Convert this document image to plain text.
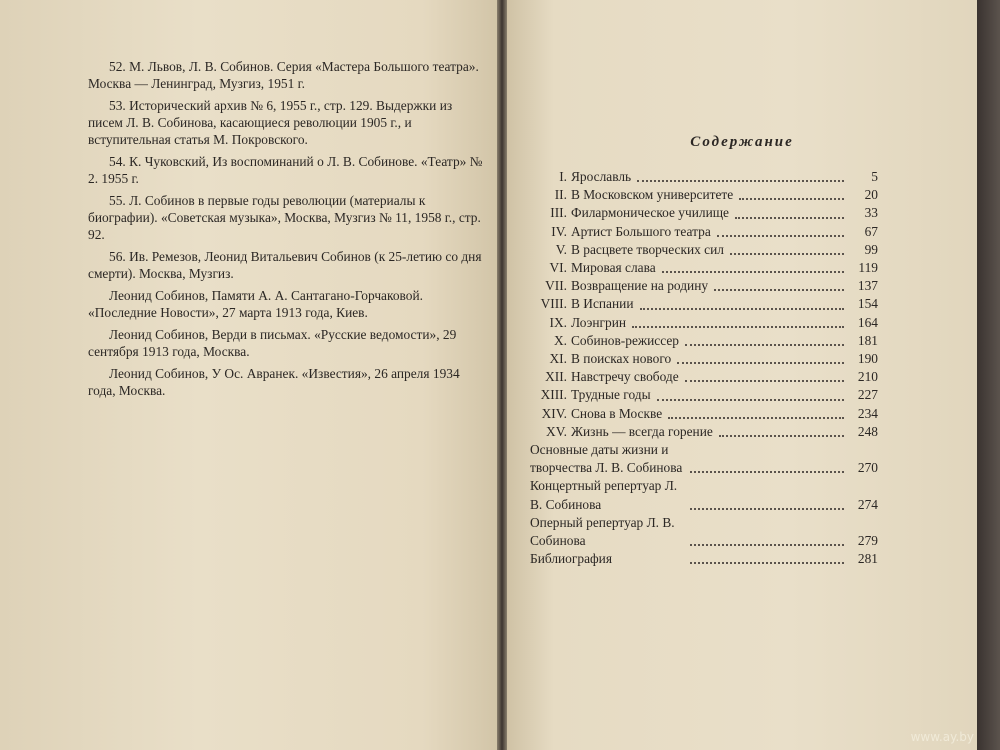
52. М. Львов, Л. В. Собинов. Серия «Мастера Большого театра». Москва — Ленинград, Музгиз, 1951 г.

53. Исторический архив № 6, 1955 г., стр. 129. Выдержки из писем Л. В. Собинова, касающиеся революции 1905 г., и вступительная статья М. Покровского.

54. К. Чуковский, Из воспоминаний о Л. В. Собинове. «Театр» № 2. 1955 г.

55. Л. Собинов в первые годы революции (материалы к биографии). «Советская музыка», Москва, Музгиз № 11, 1958 г., стр. 92.

56. Ив. Ремезов, Леонид Витальевич Собинов (к 25-летию со дня смерти). Москва, Музгиз.

Леонид Собинов, Памяти А. А. Сантагано-Горчаковой. «Последние Новости», 27 марта 1913 года, Киев.

Леонид Собинов, Верди в письмах. «Русские ведомости», 29 сентября 1913 года, Москва.

Леонид Собинов, У Ос. Авранек. «Известия», 26 апреля 1934 года, Москва.

Содержание
I. Ярославль	5
II. В Московском университете	20
III. Филармоническое училище	33
IV. Артист Большого театра	67
V. В расцвете творческих сил	99
VI. Мировая слава	119
VII. Возвращение на родину	137
VIII. В Испании	154
IX. Лоэнгрин	164
X. Собинов-режиссер	181
XI. В поисках нового	190
XII. Навстречу свободе	210
XIII. Трудные годы	227
XIV. Снова в Москве	234
XV. Жизнь — всегда горение	248
Основные даты жизни и творчества Л. В. Собинова	270
Концертный репертуар Л. В. Собинова	274
Оперный репертуар Л. В. Собинова	279
Библиография	281
www.ay.by
